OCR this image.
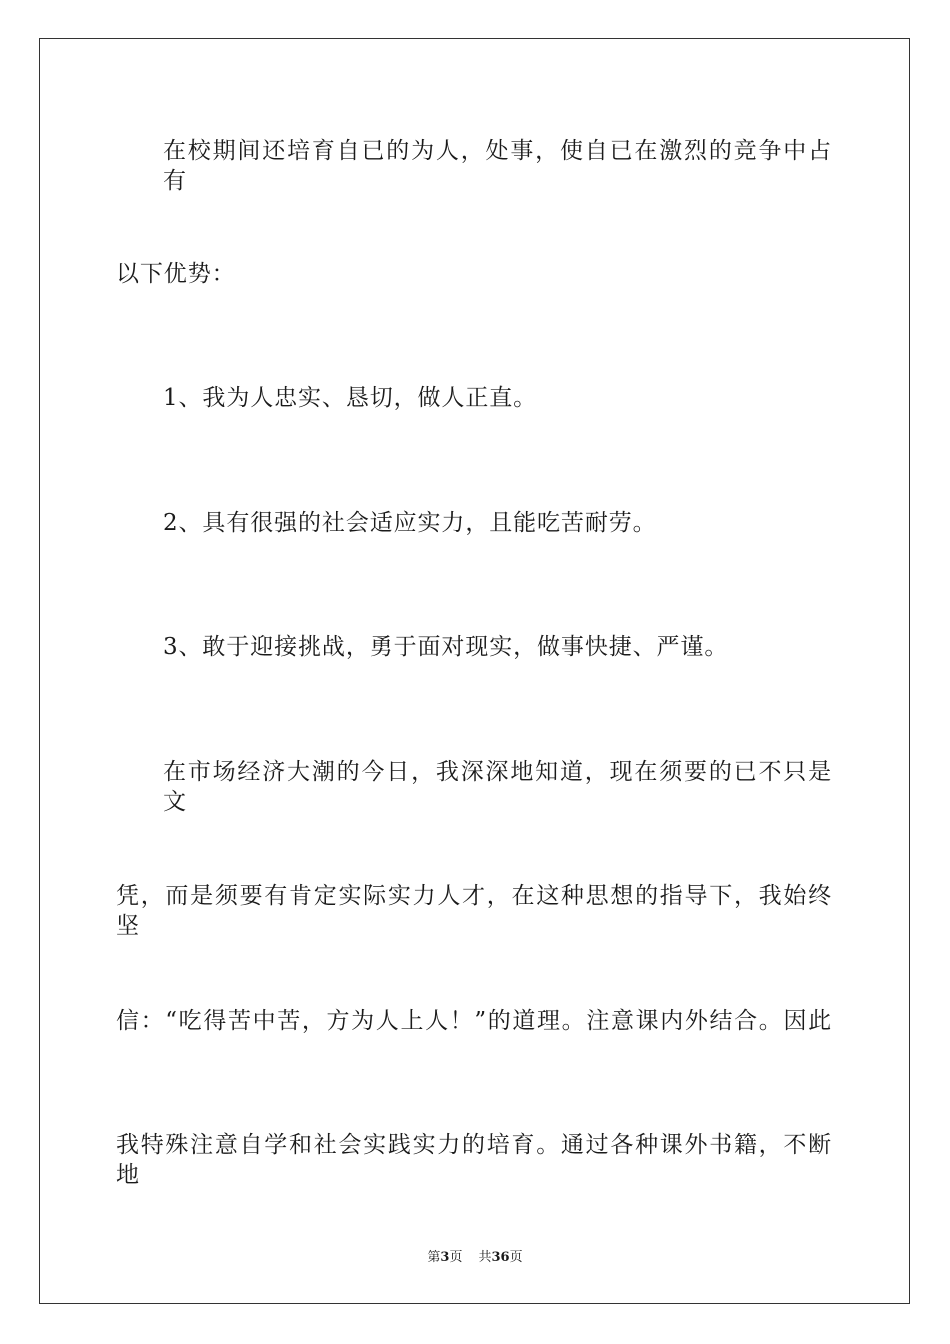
在校期间还培育自已的为人，处事，使自已在激烈的竞争中占有
以下优势：
1、我为人忠实、恳切，做人正直。
2、具有很强的社会适应实力，且能吃苦耐劳。
3、敢于迎接挑战，勇于面对现实，做事快捷、严谨。
在市场经济大潮的今日，我深深地知道，现在须要的已不只是文
凭，而是须要有肯定实际实力人才，在这种思想的指导下，我始终坚
信：“吃得苦中苦，方为人上人！”的道理。注意课内外结合。因此
我特殊注意自学和社会实践实力的培育。通过各种课外书籍，不断地
第3页 共36页
